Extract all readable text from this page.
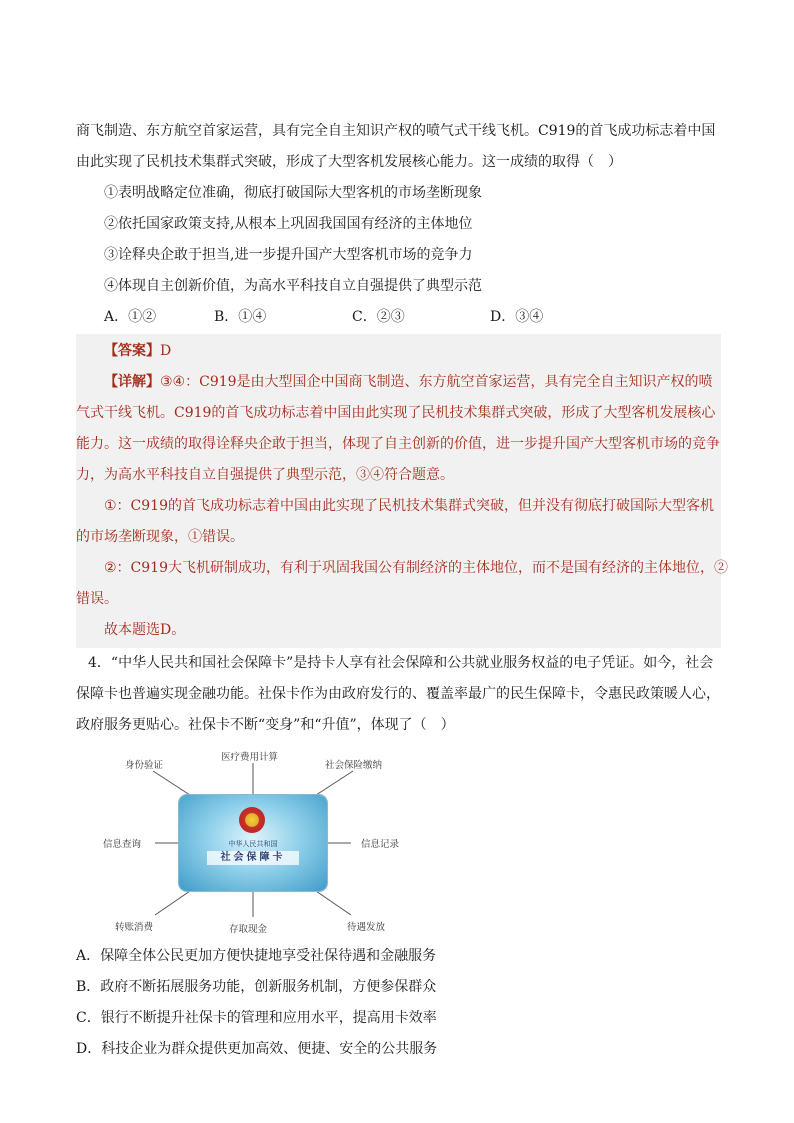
商飞制造、东方航空首家运营，具有完全自主知识产权的喷气式干线飞机。C919的首飞成功标志着中国
由此实现了民机技术集群式突破，形成了大型客机发展核心能力。这一成绩的取得（　）
①表明战略定位准确，彻底打破国际大型客机的市场垄断现象
②依托国家政策支持,从根本上巩固我国国有经济的主体地位
③诠释央企敢于担当,进一步提升国产大型客机市场的竞争力
④体现自主创新价值，为高水平科技自立自强提供了典型示范
A．①②	B．①④	C．②③	D．③④
【答案】D
【详解】③④：C919是由大型国企中国商飞制造、东方航空首家运营，具有完全自主知识产权的喷
气式干线飞机。C919的首飞成功标志着中国由此实现了民机技术集群式突破，形成了大型客机发展核心
能力。这一成绩的取得诠释央企敢于担当，体现了自主创新的价值，进一步提升国产大型客机市场的竞争
力，为高水平科技自立自强提供了典型示范，③④符合题意。
①：C919的首飞成功标志着中国由此实现了民机技术集群式突破，但并没有彻底打破国际大型客机
的市场垄断现象，①错误。
②：C919大飞机研制成功，有利于巩固我国公有制经济的主体地位，而不是国有经济的主体地位，②
错误。
故本题选D。
4．“中华人民共和国社会保障卡”是持卡人享有社会保障和公共就业服务权益的电子凭证。如今，社会
保障卡也普遍实现金融功能。社保卡作为由政府发行的、覆盖率最广的民生保障卡，令惠民政策暖人心，
政府服务更贴心。社保卡不断“变身”和“升值”，体现了（　）
身份验证
医疗费用计算
社会保险缴纳
信息查询	信息记录
转账消费	存取现金	待遇发放
中华人民共和国
社会保障卡
A．保障全体公民更加方便快捷地享受社保待遇和金融服务
B．政府不断拓展服务功能，创新服务机制，方便参保群众
C．银行不断提升社保卡的管理和应用水平，提高用卡效率
D．科技企业为群众提供更加高效、便捷、安全的公共服务
